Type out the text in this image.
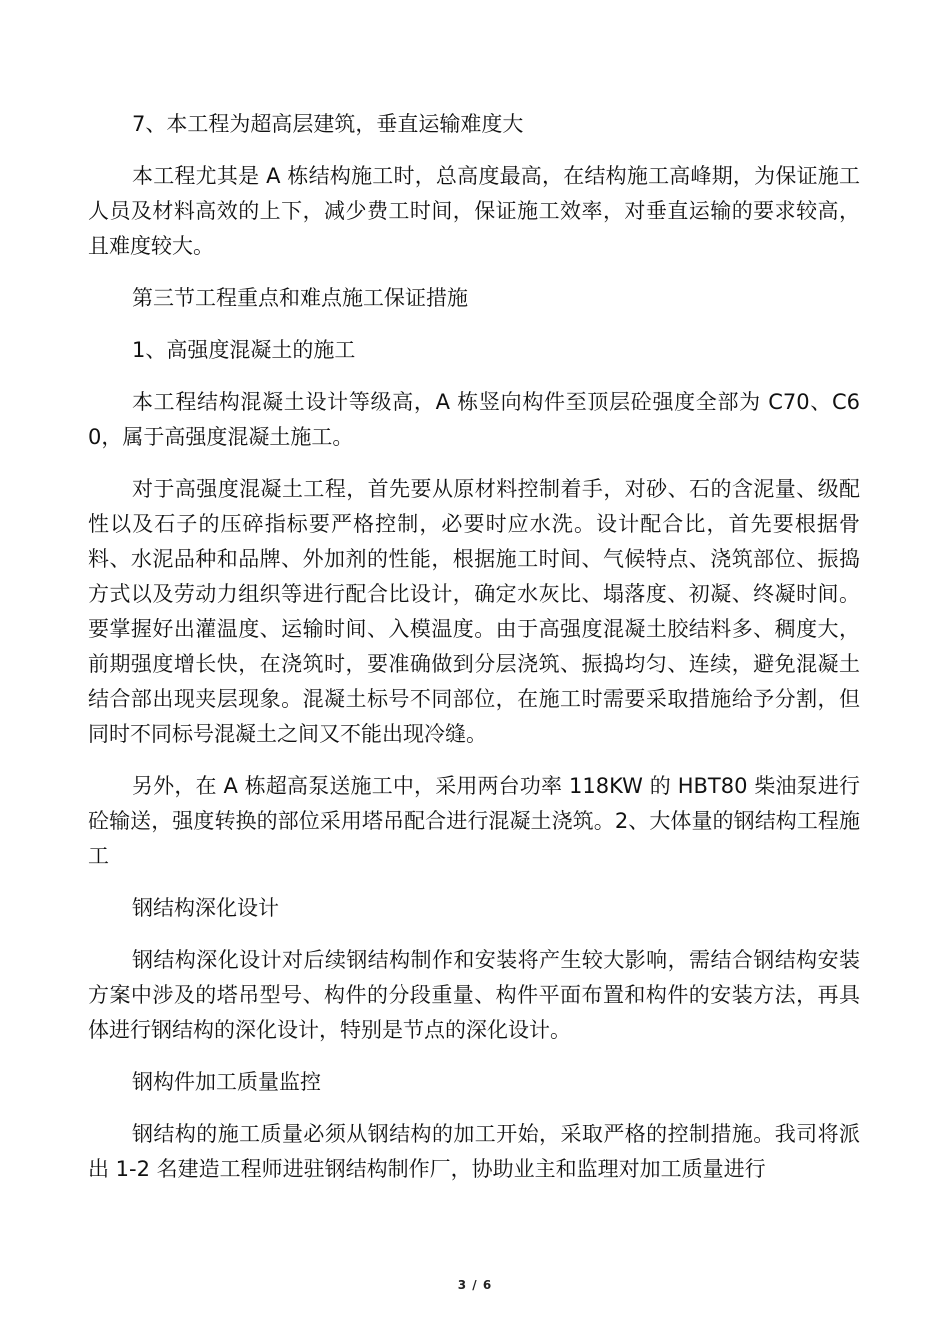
7、本工程为超高层建筑，垂直运输难度大

本工程尤其是 A 栋结构施工时，总高度最高，在结构施工高峰期，为保证施工人员及材料高效的上下，减少费工时间，保证施工效率，对垂直运输的要求较高，且难度较大。

第三节工程重点和难点施工保证措施

1、高强度混凝土的施工

本工程结构混凝土设计等级高，A 栋竖向构件至顶层砼强度全部为 C70、C60，属于高强度混凝土施工。

对于高强度混凝土工程，首先要从原材料控制着手，对砂、石的含泥量、级配性以及石子的压碎指标要严格控制，必要时应水洗。设计配合比，首先要根据骨料、水泥品种和品牌、外加剂的性能，根据施工时间、气候特点、浇筑部位、振捣方式以及劳动力组织等进行配合比设计，确定水灰比、塌落度、初凝、终凝时间。要掌握好出灌温度、运输时间、入模温度。由于高强度混凝土胶结料多、稠度大，前期强度增长快，在浇筑时，要准确做到分层浇筑、振捣均匀、连续，避免混凝土结合部出现夹层现象。混凝土标号不同部位，在施工时需要采取措施给予分割，但同时不同标号混凝土之间又不能出现冷缝。

另外，在 A 栋超高泵送施工中，采用两台功率 118KW 的 HBT80 柴油泵进行砼输送，强度转换的部位采用塔吊配合进行混凝土浇筑。2、大体量的钢结构工程施工

钢结构深化设计

钢结构深化设计对后续钢结构制作和安装将产生较大影响，需结合钢结构安装方案中涉及的塔吊型号、构件的分段重量、构件平面布置和构件的安装方法，再具体进行钢结构的深化设计，特别是节点的深化设计。

钢构件加工质量监控

钢结构的施工质量必须从钢结构的加工开始，采取严格的控制措施。我司将派出 1-2 名建造工程师进驻钢结构制作厂，协助业主和监理对加工质量进行

3 / 6
